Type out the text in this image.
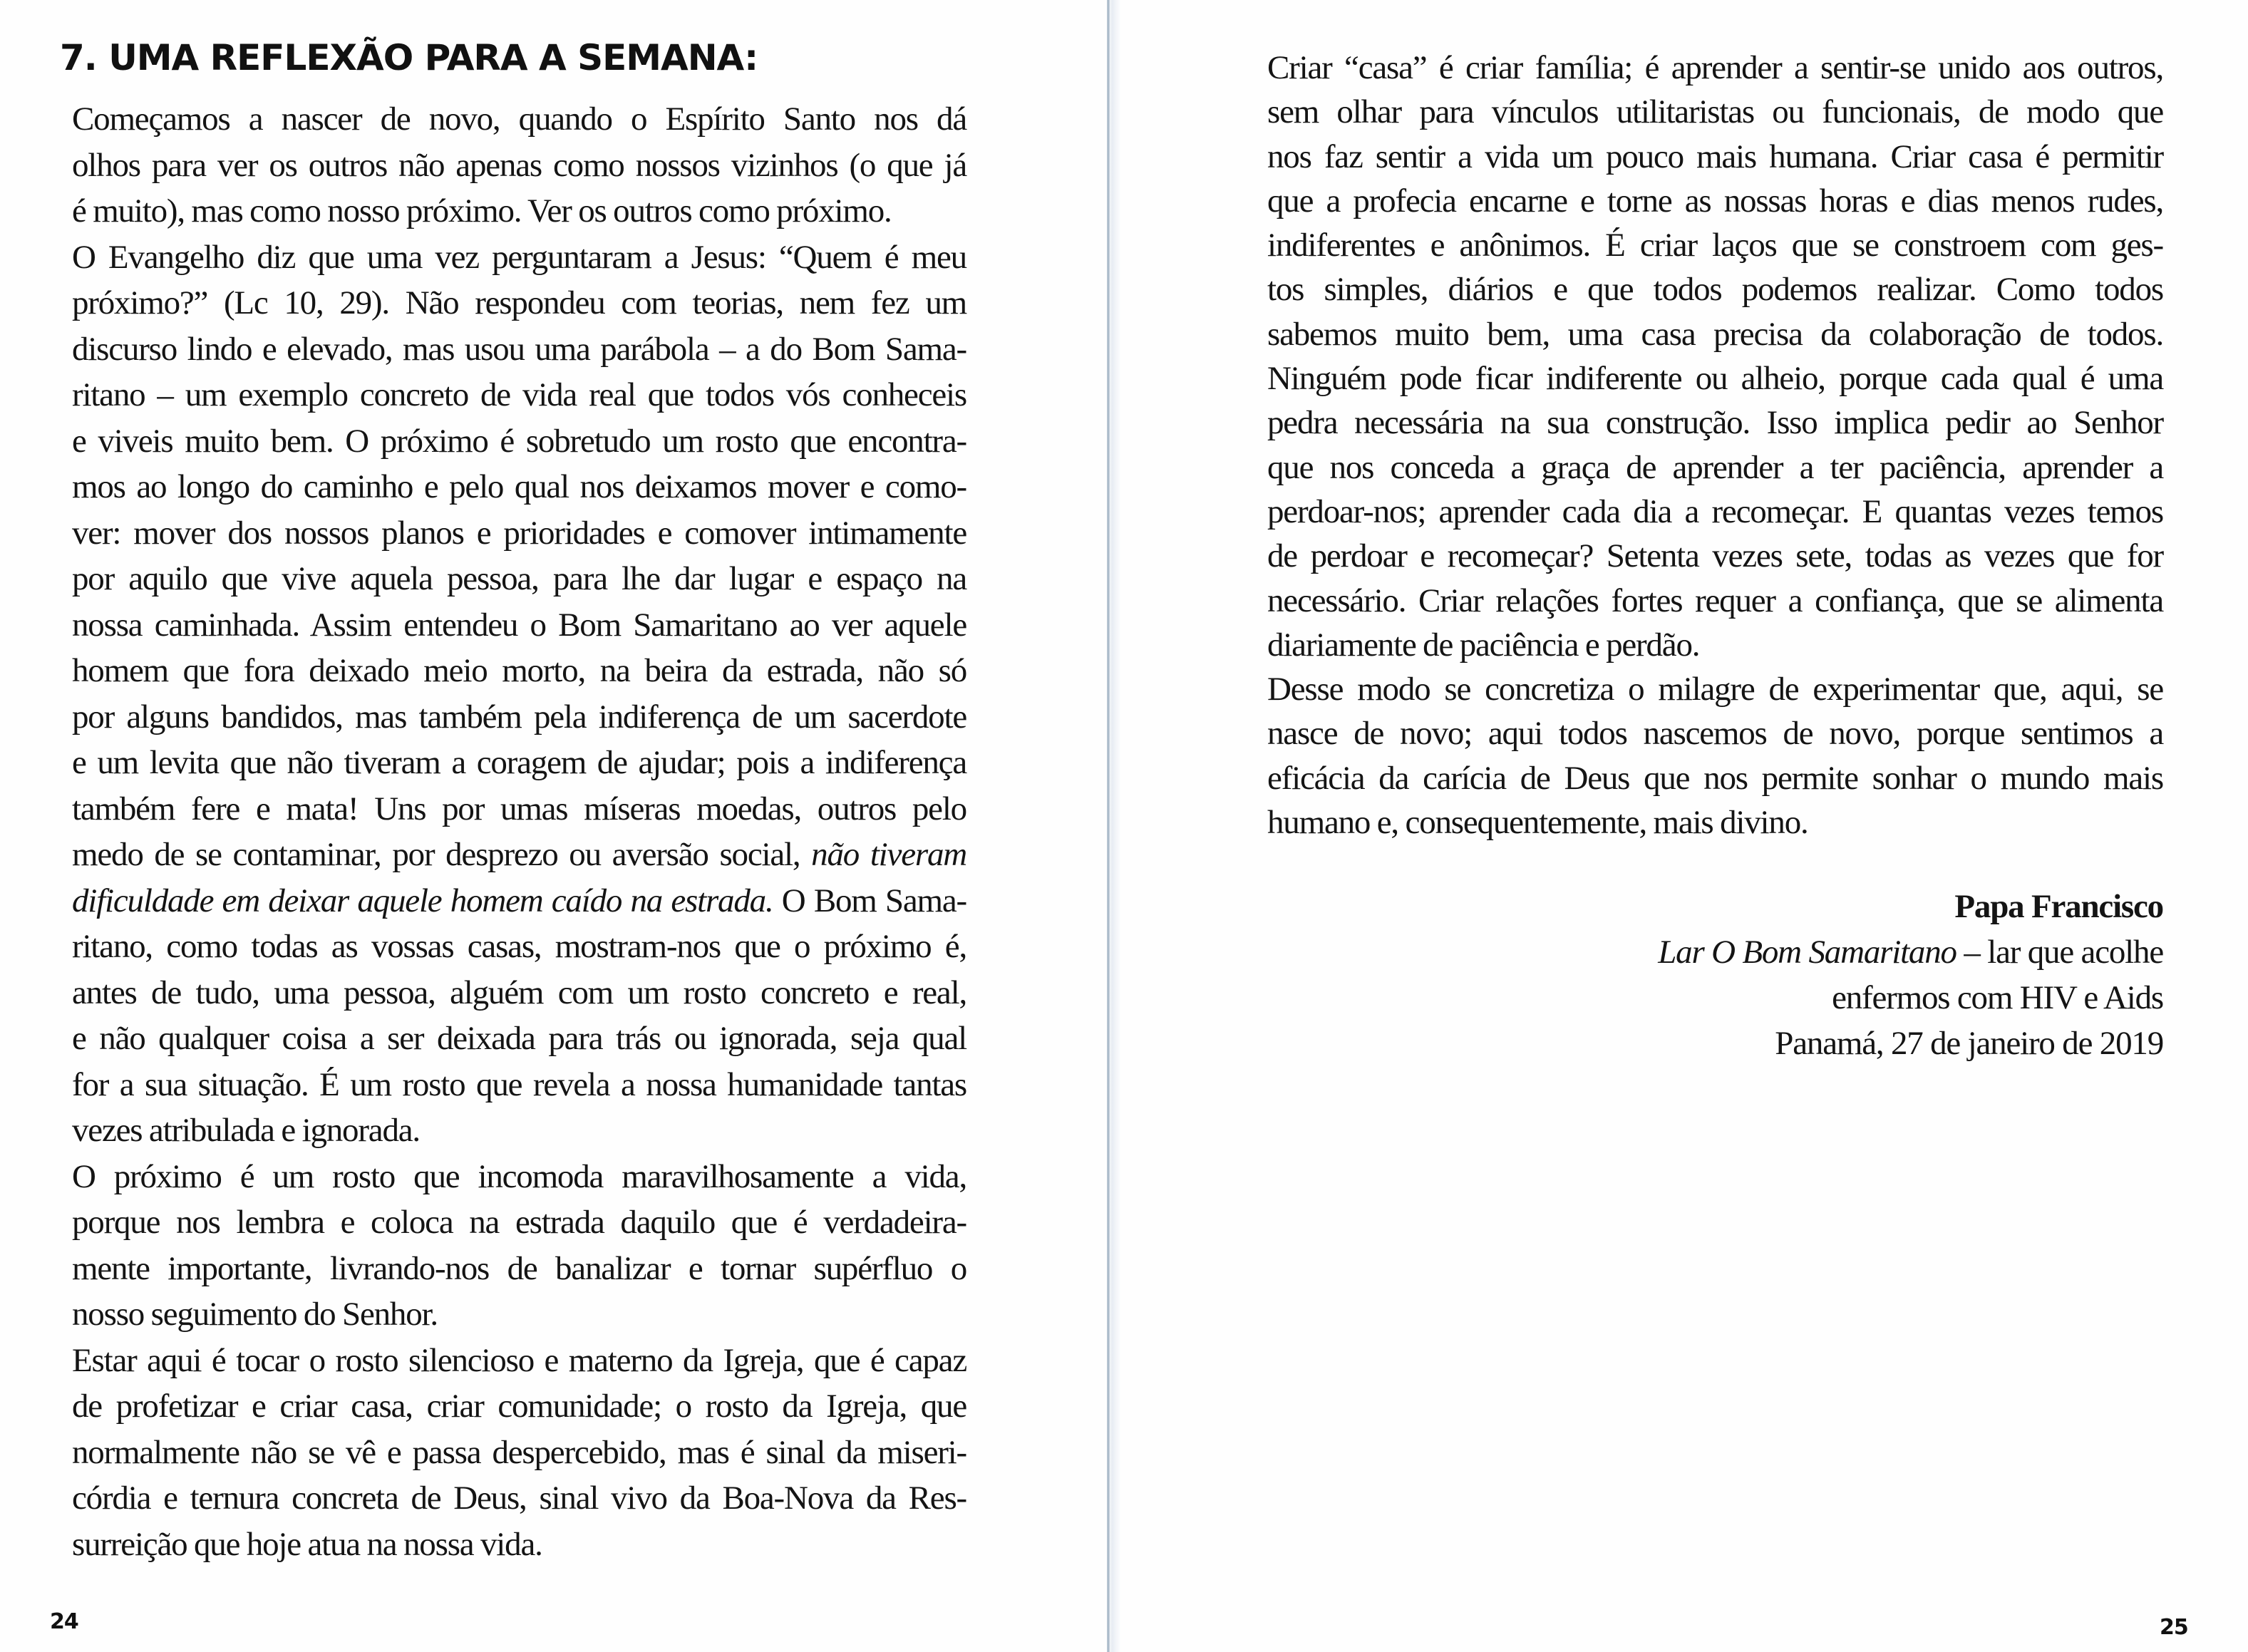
7. UMA REFLEXÃO PARA A SEMANA:
Começamos a nascer de novo, quando o Espírito Santo nos dá
olhos para ver os outros não apenas como nossos vizinhos (o que já
é muito), mas como nosso próximo. Ver os outros como próximo.
O Evangelho diz que uma vez perguntaram a Jesus: “Quem é meu
próximo?” (Lc 10, 29). Não respondeu com teorias, nem fez um
discurso lindo e elevado, mas usou uma parábola – a do Bom Sama-
ritano – um exemplo concreto de vida real que todos vós conheceis
e viveis muito bem. O próximo é sobretudo um rosto que encontra-
mos ao longo do caminho e pelo qual nos deixamos mover e como-
ver: mover dos nossos planos e prioridades e comover intimamente
por aquilo que vive aquela pessoa, para lhe dar lugar e espaço na
nossa caminhada. Assim entendeu o Bom Samaritano ao ver aquele
homem que fora deixado meio morto, na beira da estrada, não só
por alguns bandidos, mas também pela indiferença de um sacerdote
e um levita que não tiveram a coragem de ajudar; pois a indiferença
também fere e mata! Uns por umas míseras moedas, outros pelo
medo de se contaminar, por desprezo ou aversão social, não tiveram
dificuldade em deixar aquele homem caído na estrada. O Bom Sama-
ritano, como todas as vossas casas, mostram-nos que o próximo é,
antes de tudo, uma pessoa, alguém com um rosto concreto e real,
e não qualquer coisa a ser deixada para trás ou ignorada, seja qual
for a sua situação. É um rosto que revela a nossa humanidade tantas
vezes atribulada e ignorada.
O próximo é um rosto que incomoda maravilhosamente a vida,
porque nos lembra e coloca na estrada daquilo que é verdadeira-
mente importante, livrando-nos de banalizar e tornar supérfluo o
nosso seguimento do Senhor.
Estar aqui é tocar o rosto silencioso e materno da Igreja, que é capaz
de profetizar e criar casa, criar comunidade; o rosto da Igreja, que
normalmente não se vê e passa despercebido, mas é sinal da miseri-
córdia e ternura concreta de Deus, sinal vivo da Boa-Nova da Res-
surreição que hoje atua na nossa vida.
Criar “casa” é criar família; é aprender a sentir-se unido aos outros,
sem olhar para vínculos utilitaristas ou funcionais, de modo que
nos faz sentir a vida um pouco mais humana. Criar casa é permitir
que a profecia encarne e torne as nossas horas e dias menos rudes,
indiferentes e anônimos. É criar laços que se constroem com ges-
tos simples, diários e que todos podemos realizar. Como todos
sabemos muito bem, uma casa precisa da colaboração de todos.
Ninguém pode ficar indiferente ou alheio, porque cada qual é uma
pedra necessária na sua construção. Isso implica pedir ao Senhor
que nos conceda a graça de aprender a ter paciência, aprender a
perdoar-nos; aprender cada dia a recomeçar. E quantas vezes temos
de perdoar e recomeçar? Setenta vezes sete, todas as vezes que for
necessário. Criar relações fortes requer a confiança, que se alimenta
diariamente de paciência e perdão.
Desse modo se concretiza o milagre de experimentar que, aqui, se
nasce de novo; aqui todos nascemos de novo, porque sentimos a
eficácia da carícia de Deus que nos permite sonhar o mundo mais
humano e, consequentemente, mais divino.
Papa Francisco
Lar O Bom Samaritano – lar que acolhe
enfermos com HIV e Aids
Panamá, 27 de janeiro de 2019
24	25
